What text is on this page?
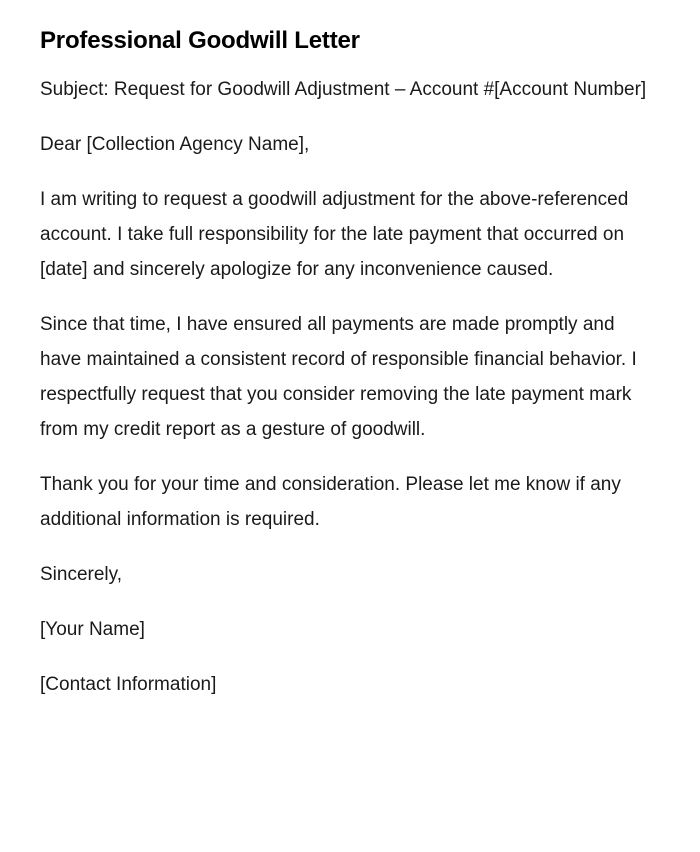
Professional Goodwill Letter

Subject: Request for Goodwill Adjustment – Account #[Account Number]

Dear [Collection Agency Name],

I am writing to request a goodwill adjustment for the above-referenced account. I take full responsibility for the late payment that occurred on [date] and sincerely apologize for any inconvenience caused.

Since that time, I have ensured all payments are made promptly and have maintained a consistent record of responsible financial behavior. I respectfully request that you consider removing the late payment mark from my credit report as a gesture of goodwill.

Thank you for your time and consideration. Please let me know if any additional information is required.

Sincerely,

[Your Name]

[Contact Information]
